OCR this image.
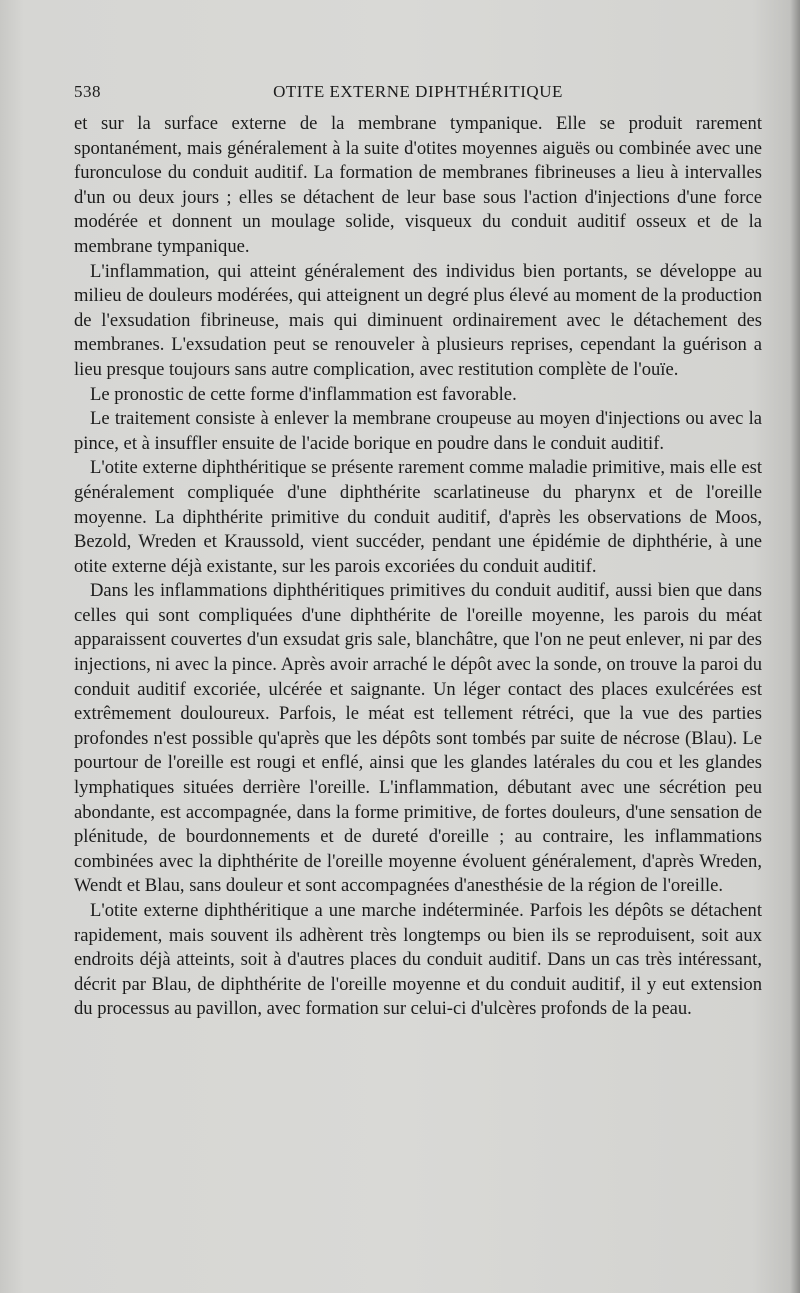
538	OTITE EXTERNE DIPHTHÉRITIQUE

et sur la surface externe de la membrane tympanique. Elle se produit rarement spontanément, mais généralement à la suite d'otites moyennes aiguës ou combinée avec une furonculose du conduit auditif. La formation de membranes fibrineuses a lieu à intervalles d'un ou deux jours ; elles se détachent de leur base sous l'action d'injections d'une force modérée et donnent un moulage solide, visqueux du conduit auditif osseux et de la membrane tympanique.

L'inflammation, qui atteint généralement des individus bien portants, se développe au milieu de douleurs modérées, qui atteignent un degré plus élevé au moment de la production de l'exsudation fibrineuse, mais qui diminuent ordinairement avec le détachement des membranes. L'exsudation peut se renouveler à plusieurs reprises, cependant la guérison a lieu presque toujours sans autre complication, avec restitution complète de l'ouïe.

Le pronostic de cette forme d'inflammation est favorable.

Le traitement consiste à enlever la membrane croupeuse au moyen d'injections ou avec la pince, et à insuffler ensuite de l'acide borique en poudre dans le conduit auditif.

L'otite externe diphthéritique se présente rarement comme maladie primitive, mais elle est généralement compliquée d'une diphthérite scarlatineuse du pharynx et de l'oreille moyenne. La diphthérite primitive du conduit auditif, d'après les observations de Moos, Bezold, Wreden et Kraussold, vient succéder, pendant une épidémie de diphthérie, à une otite externe déjà existante, sur les parois excoriées du conduit auditif.

Dans les inflammations diphthéritiques primitives du conduit auditif, aussi bien que dans celles qui sont compliquées d'une diphthérite de l'oreille moyenne, les parois du méat apparaissent couvertes d'un exsudat gris sale, blanchâtre, que l'on ne peut enlever, ni par des injections, ni avec la pince. Après avoir arraché le dépôt avec la sonde, on trouve la paroi du conduit auditif excoriée, ulcérée et saignante. Un léger contact des places exulcérées est extrêmement douloureux. Parfois, le méat est tellement rétréci, que la vue des parties profondes n'est possible qu'après que les dépôts sont tombés par suite de nécrose (Blau). Le pourtour de l'oreille est rougi et enflé, ainsi que les glandes latérales du cou et les glandes lymphatiques situées derrière l'oreille. L'inflammation, débutant avec une sécrétion peu abondante, est accompagnée, dans la forme primitive, de fortes douleurs, d'une sensation de plénitude, de bourdonnements et de dureté d'oreille ; au contraire, les inflammations combinées avec la diphthérite de l'oreille moyenne évoluent généralement, d'après Wreden, Wendt et Blau, sans douleur et sont accompagnées d'anesthésie de la région de l'oreille.

L'otite externe diphthéritique a une marche indéterminée. Parfois les dépôts se détachent rapidement, mais souvent ils adhèrent très longtemps ou bien ils se reproduisent, soit aux endroits déjà atteints, soit à d'autres places du conduit auditif. Dans un cas très intéressant, décrit par Blau, de diphthérite de l'oreille moyenne et du conduit auditif, il y eut extension du processus au pavillon, avec formation sur celui-ci d'ulcères profonds de la peau.
